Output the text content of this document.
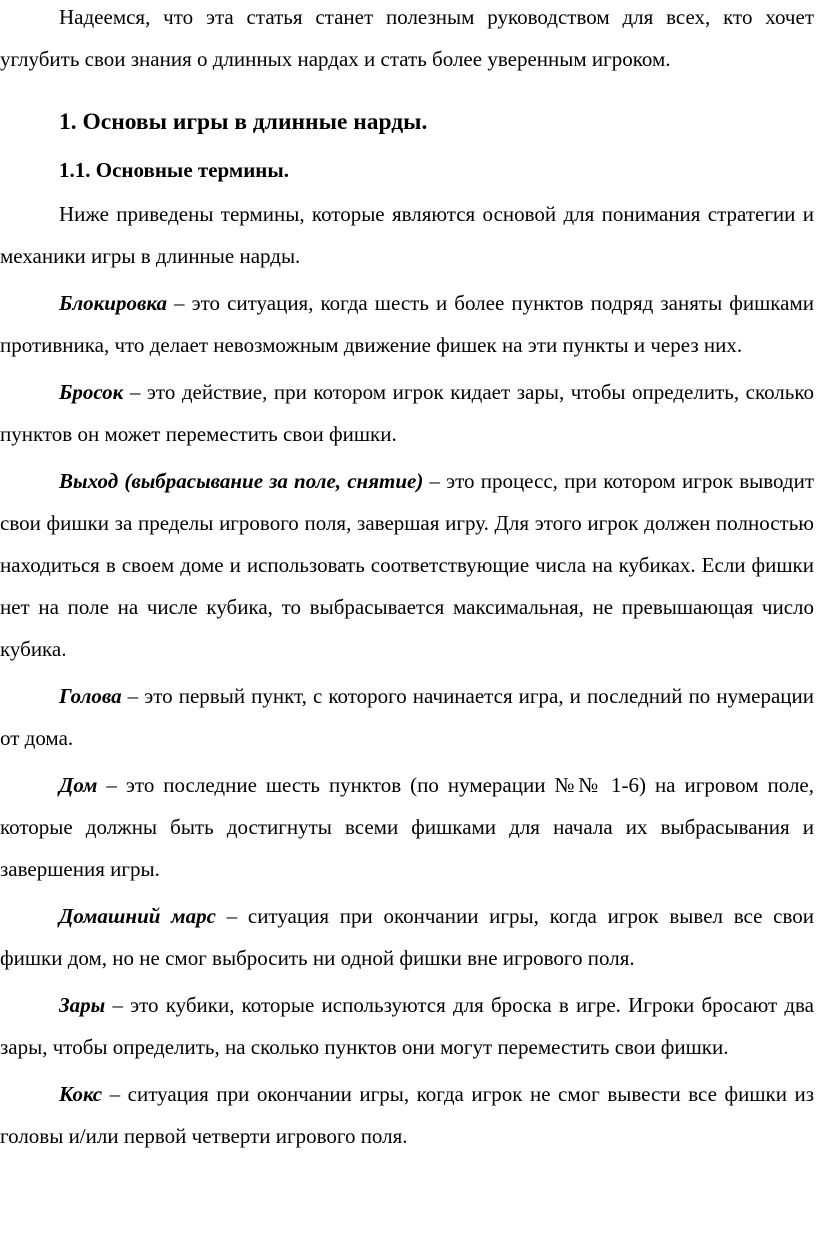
Надеемся, что эта статья станет полезным руководством для всех, кто хочет углубить свои знания о длинных нардах и стать более уверенным игроком.

1. Основы игры в длинные нарды.

1.1. Основные термины.

Ниже приведены термины, которые являются основой для понимания стратегии и механики игры в длинные нарды.

Блокировка – это ситуация, когда шесть и более пунктов подряд заняты фишками противника, что делает невозможным движение фишек на эти пункты и через них.

Бросок – это действие, при котором игрок кидает зары, чтобы определить, сколько пунктов он может переместить свои фишки.

Выход (выбрасывание за поле, снятие) – это процесс, при котором игрок выводит свои фишки за пределы игрового поля, завершая игру. Для этого игрок должен полностью находиться в своем доме и использовать соответствующие числа на кубиках. Если фишки нет на поле на числе кубика, то выбрасывается максимальная, не превышающая число кубика.

Голова – это первый пункт, с которого начинается игра, и последний по нумерации от дома.

Дом – это последние шесть пунктов (по нумерации №№ 1-6) на игровом поле, которые должны быть достигнуты всеми фишками для начала их выбрасывания и завершения игры.

Домашний марс – ситуация при окончании игры, когда игрок вывел все свои фишки дом, но не смог выбросить ни одной фишки вне игрового поля.

Зары – это кубики, которые используются для броска в игре. Игроки бросают два зары, чтобы определить, на сколько пунктов они могут переместить свои фишки.

Кокс – ситуация при окончании игры, когда игрок не смог вывести все фишки из головы и/или первой четверти игрового поля.
